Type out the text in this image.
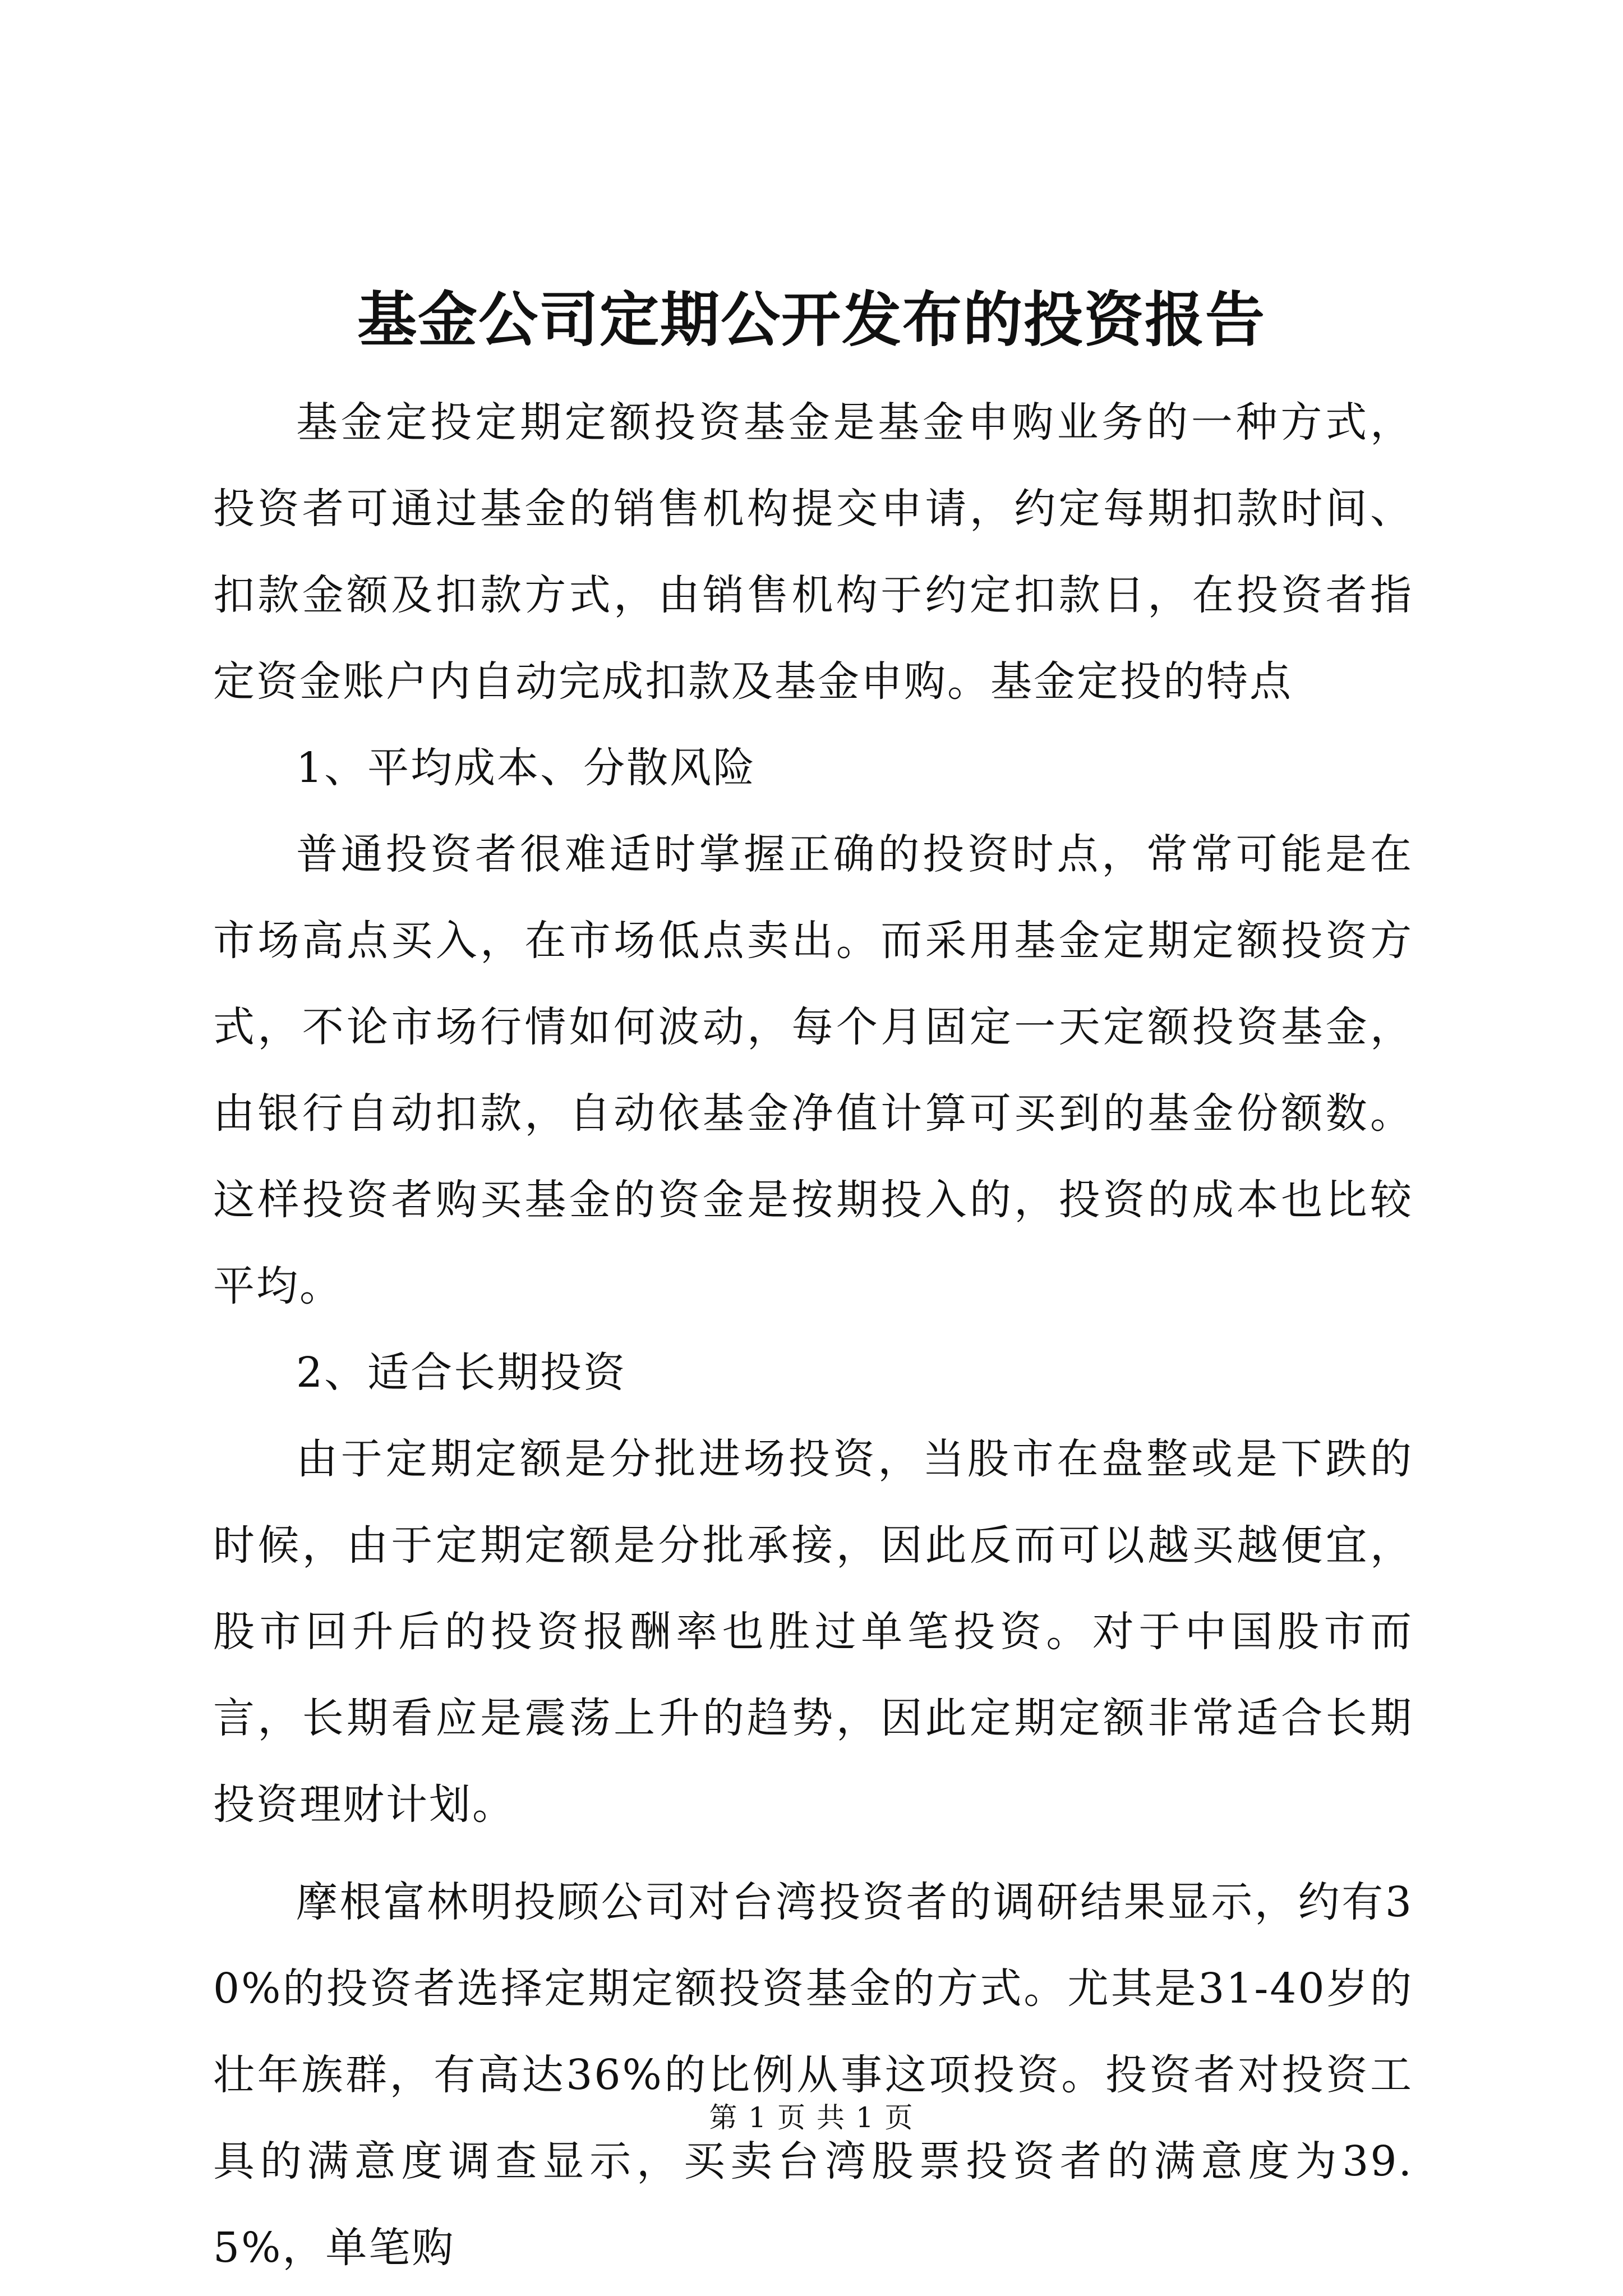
基金公司定期公开发布的投资报告

基金定投定期定额投资基金是基金申购业务的一种方式，投资者可通过基金的销售机构提交申请，约定每期扣款时间、扣款金额及扣款方式，由销售机构于约定扣款日，在投资者指定资金账户内自动完成扣款及基金申购。基金定投的特点

1、平均成本、分散风险

普通投资者很难适时掌握正确的投资时点，常常可能是在市场高点买入，在市场低点卖出。而采用基金定期定额投资方式，不论市场行情如何波动，每个月固定一天定额投资基金，由银行自动扣款，自动依基金净值计算可买到的基金份额数。这样投资者购买基金的资金是按期投入的，投资的成本也比较平均。

2、适合长期投资

由于定期定额是分批进场投资，当股市在盘整或是下跌的时候，由于定期定额是分批承接，因此反而可以越买越便宜，股市回升后的投资报酬率也胜过单笔投资。对于中国股市而言，长期看应是震荡上升的趋势，因此定期定额非常适合长期投资理财计划。

摩根富林明投顾公司对台湾投资者的调研结果显示，约有30%的投资者选择定期定额投资基金的方式。尤其是31-40岁的壮年族群，有高达36%的比例从事这项投资。投资者对投资工具的满意度调查显示，买卖台湾股票投资者的满意度为39.5%，单笔购

第 1 页 共 1 页
